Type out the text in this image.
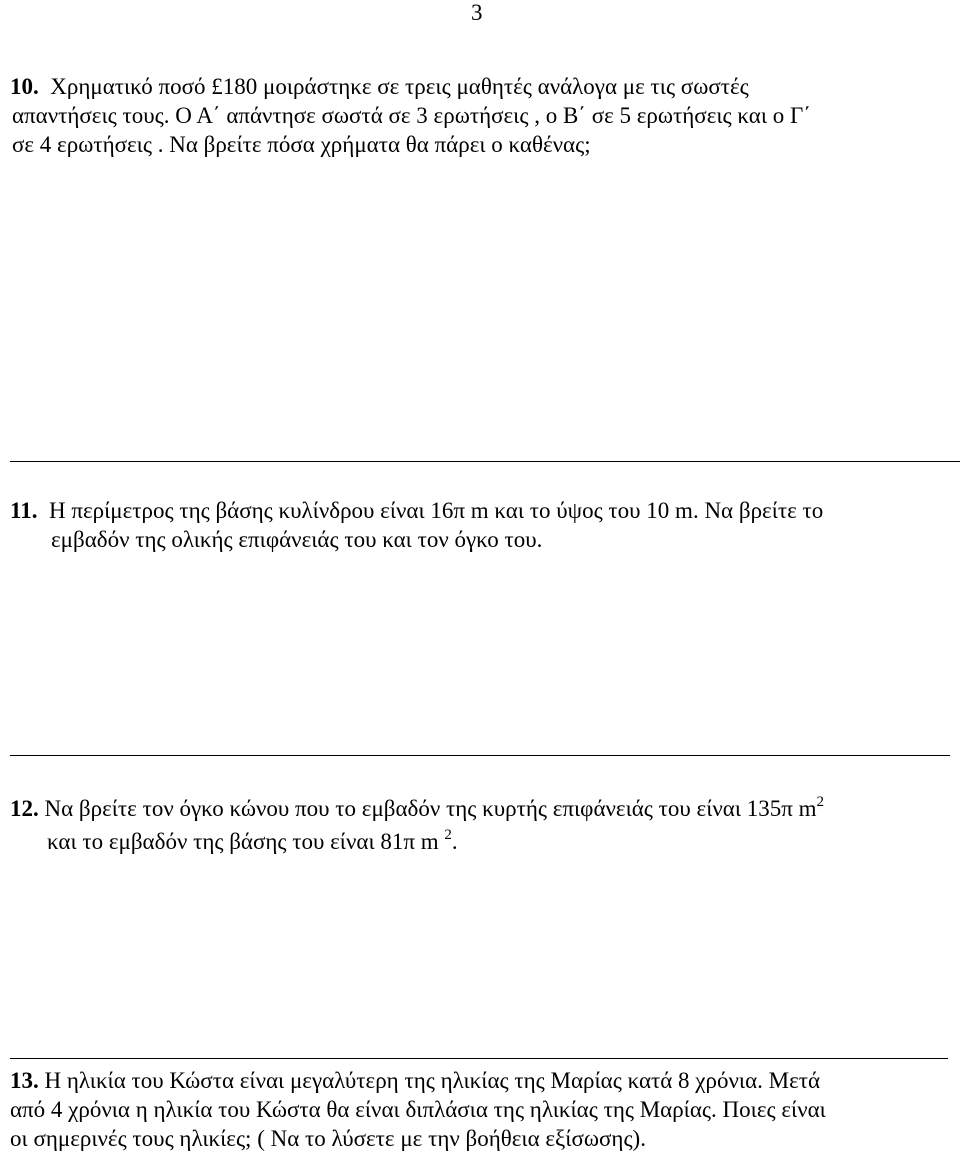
3
10. Χρηματικό ποσό £180 μοιράστηκε σε τρεις μαθητές ανάλογα με τις σωστές
απαντήσεις τους. Ο Α΄ απάντησε σωστά σε 3 ερωτήσεις , ο Β΄ σε 5 ερωτήσεις και ο Γ΄
σε 4 ερωτήσεις . Να βρείτε πόσα χρήματα θα πάρει ο καθένας;
11. Η περίμετρος της βάσης κυλίνδρου είναι 16π m και το ύψος του 10 m. Να βρείτε το
εμβαδόν της ολικής επιφάνειάς του και τον όγκο του.
12. Να βρείτε τον όγκο κώνου που το εμβαδόν της κυρτής επιφάνειάς του είναι 135π $m^2$
και το εμβαδόν της βάσης του είναι 81π m $^2$.
13. Η ηλικία του Κώστα είναι μεγαλύτερη της ηλικίας της Μαρίας κατά 8 χρόνια. Μετά
από 4 χρόνια η ηλικία του Κώστα θα είναι διπλάσια της ηλικίας της Μαρίας. Ποιες είναι
οι σημερινές τους ηλικίες; ( Να το λύσετε με την βοήθεια εξίσωσης).
